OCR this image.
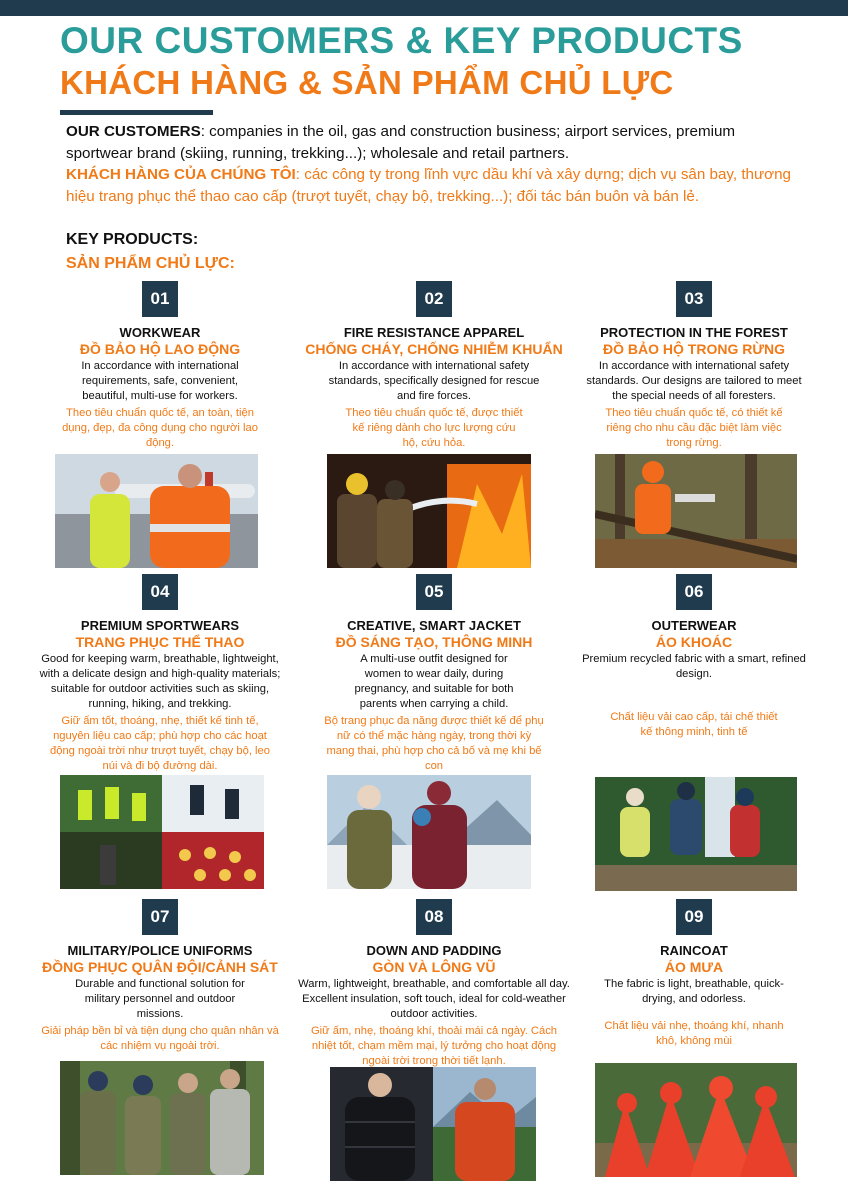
OUR CUSTOMERS & KEY PRODUCTS
KHÁCH HÀNG & SẢN PHẨM CHỦ LỰC
OUR CUSTOMERS: companies in the oil, gas and construction business; airport services, premium sportwear brand (skiing, running, trekking...); wholesale and retail partners.
KHÁCH HÀNG CỦA CHÚNG TÔI: các công ty trong lĩnh vực dầu khí và xây dựng; dịch vụ sân bay, thương hiệu trang phục thể thao cao cấp (trượt tuyết, chạy bộ, trekking...); đối tác bán buôn và bán lẻ.
KEY PRODUCTS:
SẢN PHẨM CHỦ LỰC:
01
WORKWEAR
ĐỒ BẢO HỘ LAO ĐỘNG
In accordance with international requirements, safe, convenient, beautiful, multi-use for workers.
Theo tiêu chuẩn quốc tế, an toàn, tiện dụng, đẹp, đa công dụng cho người lao động.
02
FIRE RESISTANCE APPAREL
CHỐNG CHÁY, CHỐNG NHIỄM KHUẨN
In accordance with international safety standards, specifically designed for rescue and fire forces.
Theo tiêu chuẩn quốc tế, được thiết kế riêng dành cho lực lượng cứu hộ, cứu hỏa.
03
PROTECTION IN THE FOREST
ĐỒ BẢO HỘ TRONG RỪNG
In accordance with international safety standards. Our designs are tailored to meet the special needs of all foresters.
Theo tiêu chuẩn quốc tế, có thiết kế riêng cho nhu cầu đặc biệt làm việc trong rừng.
04
PREMIUM SPORTWEARS
TRANG PHỤC THỂ THAO
Good for keeping warm, breathable, lightweight, with a delicate design and high-quality materials; suitable for outdoor activities such as skiing, running, hiking, and trekking.
Giữ ấm tốt, thoáng, nhẹ, thiết kế tinh tế, nguyên liệu cao cấp; phù hợp cho các hoạt động ngoài trời như trượt tuyết, chạy bộ, leo núi và đi bộ đường dài.
05
CREATIVE, SMART JACKET
ĐỒ SÁNG TẠO, THÔNG MINH
A multi-use outfit designed for women to wear daily, during pregnancy, and suitable for both parents when carrying a child.
Bộ trang phục đa năng được thiết kế để phụ nữ có thể mặc hàng ngày, trong thời kỳ mang thai, phù hợp cho cả bố và mẹ khi bế con
06
OUTERWEAR
ÁO KHOÁC
Premium recycled fabric with a smart, refined design.
Chất liệu vải cao cấp, tái chế thiết kế thông minh, tinh tế
07
MILITARY/POLICE UNIFORMS
ĐỒNG PHỤC QUÂN ĐỘI/CẢNH SÁT
Durable and functional solution for military personnel and outdoor missions.
Giải pháp bền bỉ và tiện dụng cho quân nhân và các nhiệm vụ ngoài trời.
08
DOWN AND PADDING
GÒN VÀ LÔNG VŨ
Warm, lightweight, breathable, and comfortable all day. Excellent insulation, soft touch, ideal for cold-weather outdoor activities.
Giữ ấm, nhẹ, thoáng khí, thoải mái cả ngày. Cách nhiệt tốt, chạm mềm mại, lý tưởng cho hoạt động ngoài trời trong thời tiết lạnh.
09
RAINCOAT
ÁO MƯA
The fabric is light, breathable, quick-drying, and odorless.
Chất liệu vải nhẹ, thoáng khí, nhanh khô, không mùi
